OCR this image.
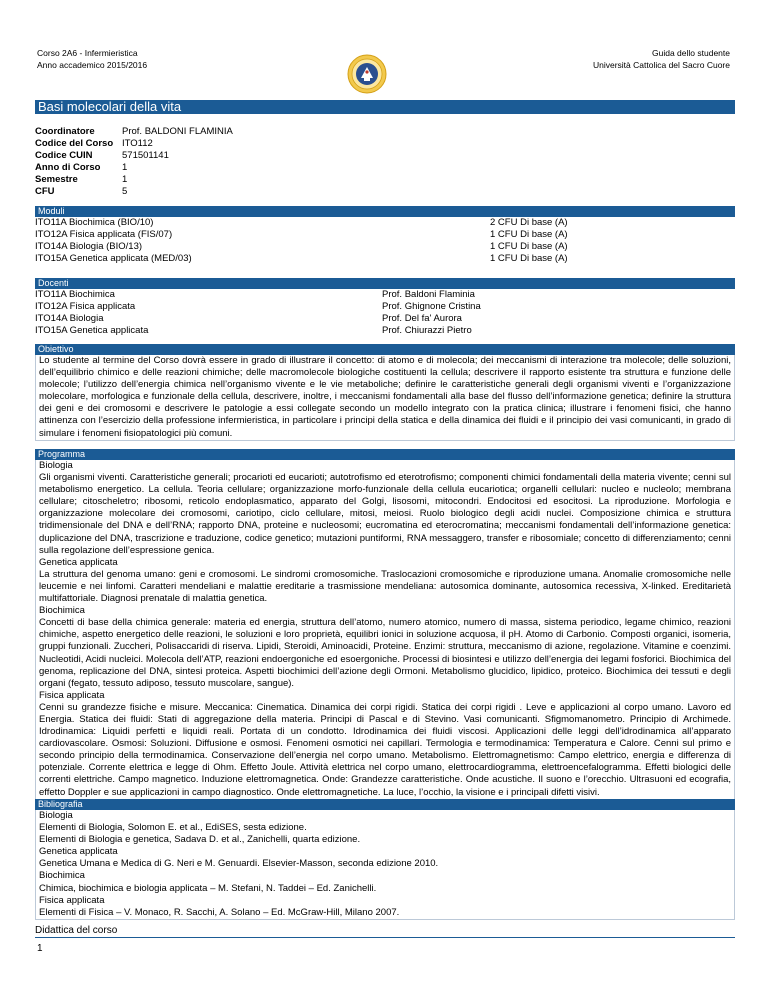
Corso 2A6 - Infermieristica
Anno accademico 2015/2016
Guida dello studente
Università Cattolica del Sacro Cuore
Basi molecolari della vita
Coordinatore	Prof. BALDONI FLAMINIA
Codice del Corso ITO112
Codice CUIN	571501141
Anno di Corso	1
Semestre	1
CFU	5
Moduli
ITO11A Biochimica (BIO/10)	2 CFU Di base (A)
ITO12A Fisica applicata (FIS/07)	1 CFU Di base (A)
ITO14A Biologia (BIO/13)	1 CFU Di base (A)
ITO15A Genetica applicata (MED/03)	1 CFU Di base (A)
Docenti
ITO11A Biochimica	Prof. Baldoni Flaminia
ITO12A Fisica applicata	Prof. Ghignone Cristina
ITO14A Biologia	Prof. Del fa' Aurora
ITO15A Genetica applicata	Prof. Chiurazzi Pietro
Obiettivo
Lo studente al termine del Corso dovrà essere in grado di illustrare il concetto: di atomo e di molecola; dei meccanismi di interazione tra molecole; delle soluzioni, dell’equilibrio chimico e delle reazioni chimiche; delle macromolecole biologiche costituenti la cellula; descrivere il rapporto esistente tra struttura e funzione delle molecole; l’utilizzo dell’energia chimica nell’organismo vivente e le vie metaboliche; definire le caratteristiche generali degli organismi viventi e l’organizzazione molecolare, morfologica e funzionale della cellula, descrivere, inoltre, i meccanismi fondamentali alla base del flusso dell’informazione genetica; definire la struttura dei geni e dei cromosomi e descrivere le patologie a essi collegate secondo un modello integrato con la pratica clinica; illustrare i fenomeni fisici, che hanno attinenza con l’esercizio della professione infermieristica, in particolare i principi della statica e della dinamica dei fluidi e il principio dei vasi comunicanti, in grado di simulare i fenomeni fisiopatologici più comuni.
Programma
Biologia
Gli organismi viventi. Caratteristiche generali; procarioti ed eucarioti; autotrofismo ed eterotrofismo; componenti chimici fondamentali della materia vivente; cenni sul metabolismo energetico. La cellula. Teoria cellulare; organizzazione morfo-funzionale della cellula eucariotica; organelli cellulari: nucleo e nucleolo; membrana cellulare; citoscheletro; ribosomi, reticolo endoplasmatico, apparato del Golgi, lisosomi, mitocondri. Endocitosi ed esocitosi. La riproduzione. Morfologia e organizzazione molecolare dei cromosomi, cariotipo, ciclo cellulare, mitosi, meiosi. Ruolo biologico degli acidi nuclei. Composizione chimica e struttura tridimensionale del DNA e dell’RNA; rapporto DNA, proteine e nucleosomi; eucromatina ed eterocromatina; meccanismi fondamentali dell’informazione genetica: duplicazione del DNA, trascrizione e traduzione, codice genetico; mutazioni puntiformi, RNA messaggero, transfer e ribosomiale; concetto di differenziamento; cenni sulla regolazione dell’espressione genica.
Genetica applicata
La struttura del genoma umano: geni e cromosomi. Le sindromi cromosomiche. Traslocazioni cromosomiche e riproduzione umana. Anomalie cromosomiche nelle leucemie e nei linfomi. Caratteri mendeliani e malattie ereditarie a trasmissione mendeliana: autosomica dominante, autosomica recessiva, X-linked. Ereditarietà multifattoriale. Diagnosi prenatale di malattia genetica.
Biochimica
Concetti di base della chimica generale: materia ed energia, struttura dell’atomo, numero atomico, numero di massa, sistema periodico, legame chimico, reazioni chimiche, aspetto energetico delle reazioni, le soluzioni e loro proprietà, equilibri ionici in soluzione acquosa, il pH. Atomo di Carbonio. Composti organici, isomeria, gruppi funzionali. Zuccheri, Polisaccaridi di riserva. Lipidi, Steroidi, Aminoacidi, Proteine. Enzimi: struttura, meccanismo di azione, regolazione. Vitamine e coenzimi. Nucleotidi, Acidi nucleici. Molecola dell’ATP, reazioni endoergoniche ed esoergoniche. Processi di biosintesi e utilizzo dell’energia dei legami fosforici. Biochimica del genoma, replicazione del DNA, sintesi proteica. Aspetti biochimici dell’azione degli Ormoni. Metabolismo glucidico, lipidico, proteico. Biochimica dei tessuti e degli organi (fegato, tessuto adiposo, tessuto muscolare, sangue).
Fisica applicata
Cenni su grandezze fisiche e misure. Meccanica: Cinematica. Dinamica dei corpi rigidi. Statica dei corpi rigidi . Leve e applicazioni al corpo umano. Lavoro ed Energia. Statica dei fluidi: Stati di aggregazione della materia. Principi di Pascal e di Stevino. Vasi comunicanti. Sfigmomanometro. Principio di Archimede. Idrodinamica: Liquidi perfetti e liquidi reali. Portata di un condotto. Idrodinamica dei fluidi viscosi. Applicazioni delle leggi dell’idrodinamica all’apparato cardiovascolare. Osmosi: Soluzioni. Diffusione e osmosi. Fenomeni osmotici nei capillari. Termologia e termodinamica: Temperatura e Calore. Cenni sul primo e secondo principio della termodinamica. Conservazione dell’energia nel corpo umano. Metabolismo. Elettromagnetismo: Campo elettrico, energia e differenza di potenziale. Corrente elettrica e legge di Ohm. Effetto Joule. Attività elettrica nel corpo umano, elettrocardiogramma, elettroencefalogramma. Effetti biologici delle correnti elettriche. Campo magnetico. Induzione elettromagnetica. Onde: Grandezze caratteristiche. Onde acustiche. Il suono e l’orecchio. Ultrasuoni ed ecografia, effetto Doppler e sue applicazioni in campo diagnostico. Onde elettromagnetiche. La luce, l’occhio, la visione e i principali difetti visivi.
Bibliografia
Biologia
Elementi di Biologia, Solomon E. et al., EdiSES, sesta edizione.
Elementi di Biologia e genetica, Sadava D. et al., Zanichelli, quarta edizione.
Genetica applicata
Genetica Umana e Medica di G. Neri e M. Genuardi. Elsevier-Masson, seconda edizione 2010.
Biochimica
Chimica, biochimica e biologia applicata – M. Stefani, N. Taddei – Ed. Zanichelli.
Fisica applicata
Elementi di Fisica – V. Monaco, R. Sacchi, A. Solano – Ed. McGraw-Hill, Milano 2007.
Didattica del corso
1
